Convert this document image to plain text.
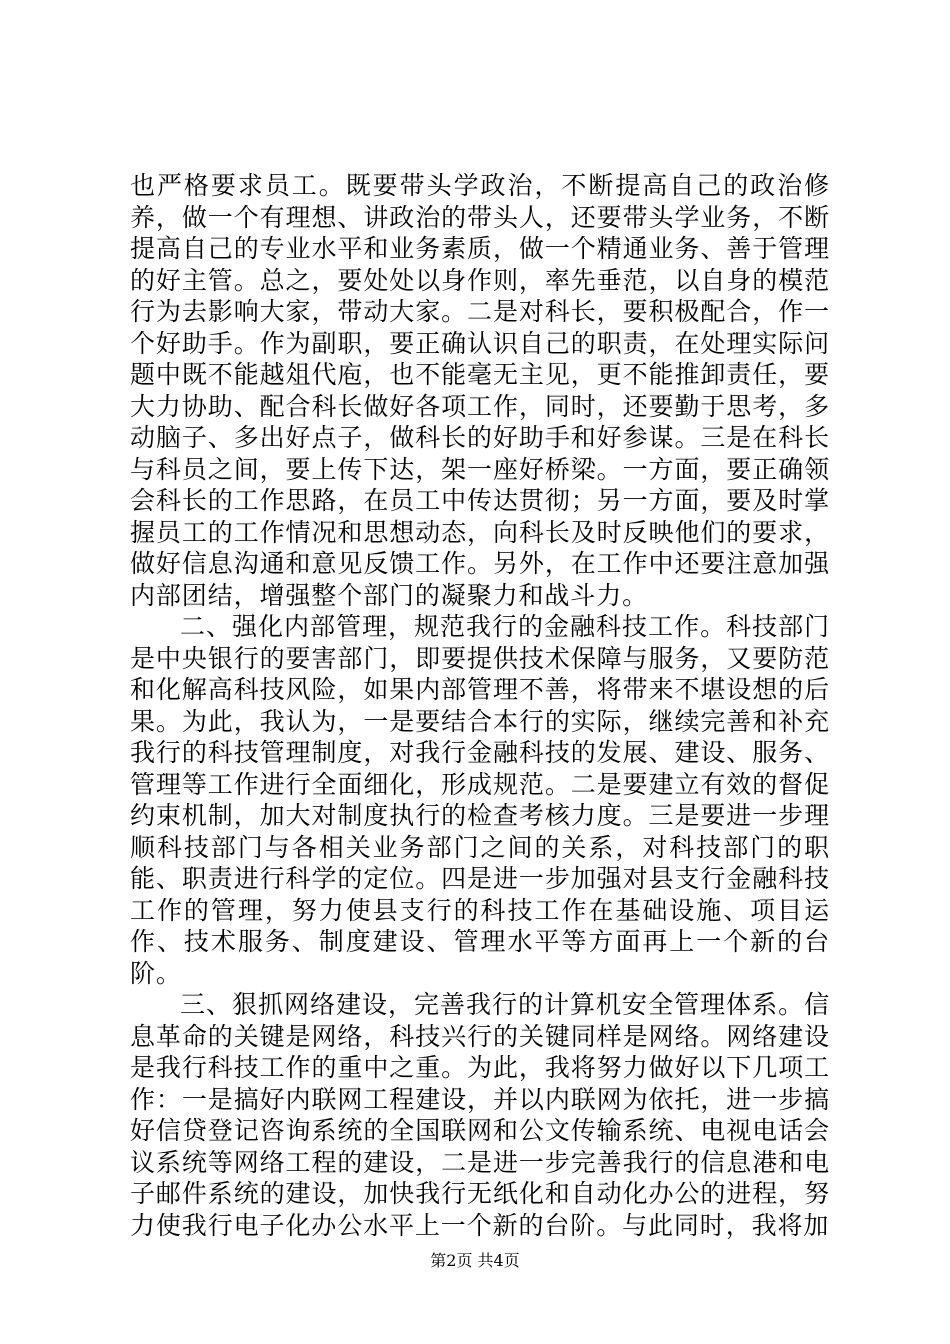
也严格要求员工。既要带头学政治，不断提高自己的政治修养，做一个有理想、讲政治的带头人，还要带头学业务，不断提高自己的专业水平和业务素质，做一个精通业务、善于管理的好主管。总之，要处处以身作则，率先垂范，以自身的模范行为去影响大家，带动大家。二是对科长，要积极配合，作一个好助手。作为副职，要正确认识自己的职责，在处理实际问题中既不能越俎代庖，也不能毫无主见，更不能推卸责任，要大力协助、配合科长做好各项工作，同时，还要勤于思考，多动脑子、多出好点子，做科长的好助手和好参谋。三是在科长与科员之间，要上传下达，架一座好桥梁。一方面，要正确领会科长的工作思路，在员工中传达贯彻；另一方面，要及时掌握员工的工作情况和思想动态，向科长及时反映他们的要求，做好信息沟通和意见反馈工作。另外，在工作中还要注意加强内部团结，增强整个部门的凝聚力和战斗力。

二、强化内部管理，规范我行的金融科技工作。科技部门是中央银行的要害部门，即要提供技术保障与服务，又要防范和化解高科技风险，如果内部管理不善，将带来不堪设想的后果。为此，我认为，一是要结合本行的实际，继续完善和补充我行的科技管理制度，对我行金融科技的发展、建设、服务、管理等工作进行全面细化，形成规范。二是要建立有效的督促约束机制，加大对制度执行的检查考核力度。三是要进一步理顺科技部门与各相关业务部门之间的关系，对科技部门的职能、职责进行科学的定位。四是进一步加强对县支行金融科技工作的管理，努力使县支行的科技工作在基础设施、项目运作、技术服务、制度建设、管理水平等方面再上一个新的台阶。

三、狠抓网络建设，完善我行的计算机安全管理体系。信息革命的关键是网络，科技兴行的关键同样是网络。网络建设是我行科技工作的重中之重。为此，我将努力做好以下几项工作：一是搞好内联网工程建设，并以内联网为依托，进一步搞好信贷登记咨询系统的全国联网和公文传输系统、电视电话会议系统等网络工程的建设，二是进一步完善我行的信息港和电子邮件系统的建设，加快我行无纸化和自动化办公的进程，努力使我行电子化办公水平上一个新的台阶。与此同时，我将加

第2页 共4页
